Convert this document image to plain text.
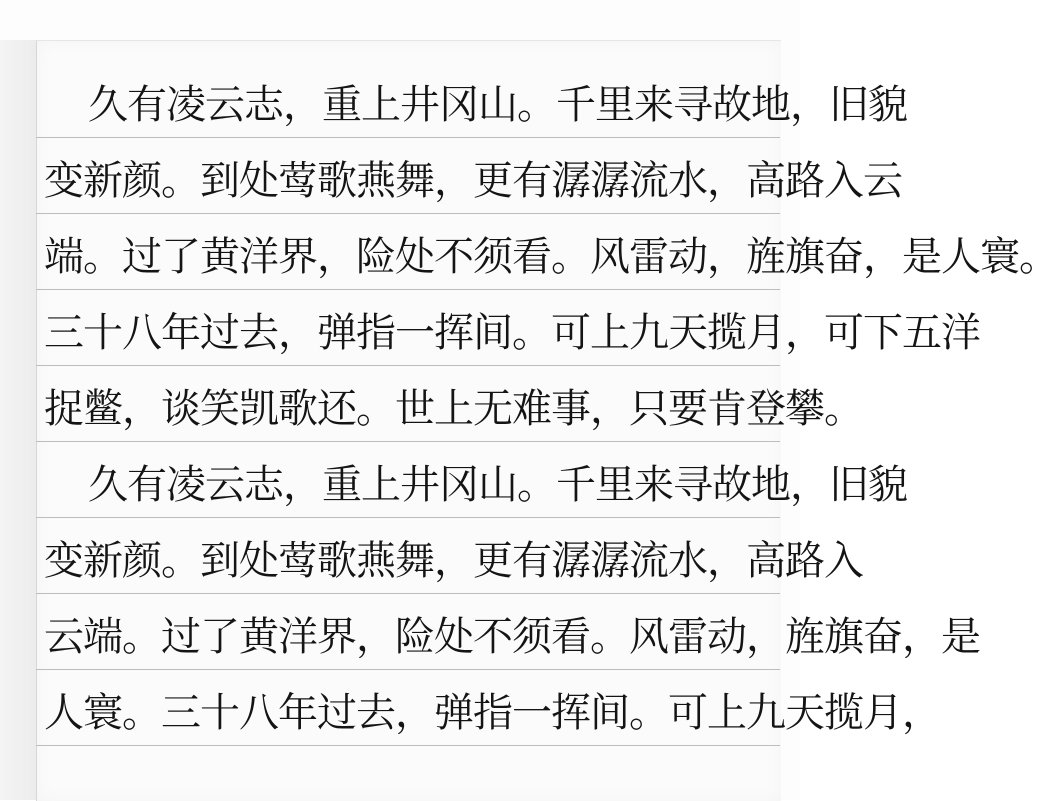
久有凌云志，重上井冈山。千里来寻故地，旧貌
变新颜。到处莺歌燕舞，更有潺潺流水，高路入云
端。过了黄洋界，险处不须看。风雷动，旌旗奋，是人寰。
三十八年过去，弹指一挥间。可上九天揽月，可下五洋
捉鳖，谈笑凯歌还。世上无难事，只要肯登攀。
久有凌云志，重上井冈山。千里来寻故地，旧貌
变新颜。到处莺歌燕舞，更有潺潺流水，高路入
云端。过了黄洋界，险处不须看。风雷动，旌旗奋，是
人寰。三十八年过去，弹指一挥间。可上九天揽月，
